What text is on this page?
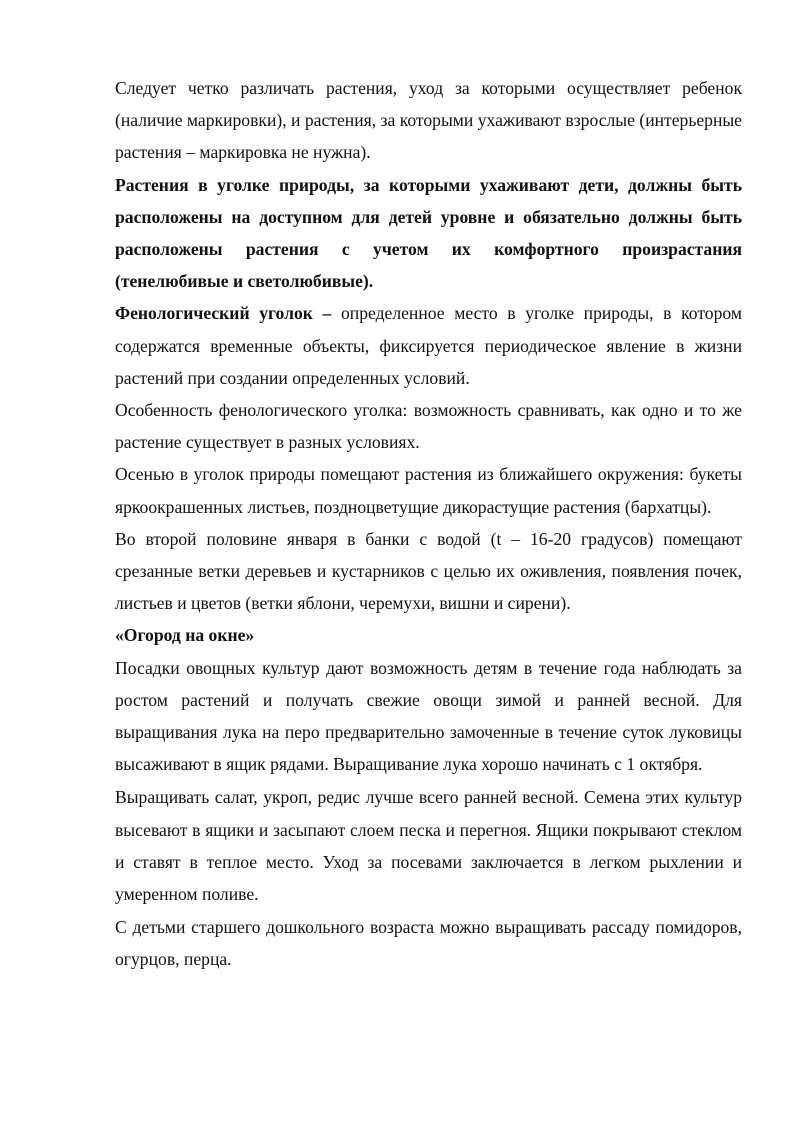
Следует четко различать растения, уход за которыми осуществляет ребенок (наличие маркировки), и растения, за которыми ухаживают взрослые (интерьерные растения – маркировка не нужна).

Растения в уголке природы, за которыми ухаживают дети, должны быть расположены на доступном для детей уровне и обязательно должны быть расположены растения с учетом их комфортного произрастания (тенелюбивые и светолюбивые).

Фенологический уголок – определенное место в уголке природы, в котором содержатся временные объекты, фиксируется периодическое явление в жизни растений при создании определенных условий.

Особенность фенологического уголка: возможность сравнивать, как одно и то же растение существует в разных условиях.

Осенью в уголок природы помещают растения из ближайшего окружения: букеты яркоокрашенных листьев, поздноцветущие дикорастущие растения (бархатцы).

Во второй половине января в банки с водой (t – 16-20 градусов) помещают срезанные ветки деревьев и кустарников с целью их оживления, появления почек, листьев и цветов (ветки яблони, черемухи, вишни и сирени).

«Огород на окне»

Посадки овощных культур дают возможность детям в течение года наблюдать за ростом растений и получать свежие овощи зимой и ранней весной. Для выращивания лука на перо предварительно замоченные в течение суток луковицы высаживают в ящик рядами. Выращивание лука хорошо начинать с 1 октября.

Выращивать салат, укроп, редис лучше всего ранней весной. Семена этих культур высевают в ящики и засыпают слоем песка и перегноя. Ящики покрывают стеклом и ставят в теплое место. Уход за посевами заключается в легком рыхлении и умеренном поливе.

С детьми старшего дошкольного возраста можно выращивать рассаду помидоров, огурцов, перца.
